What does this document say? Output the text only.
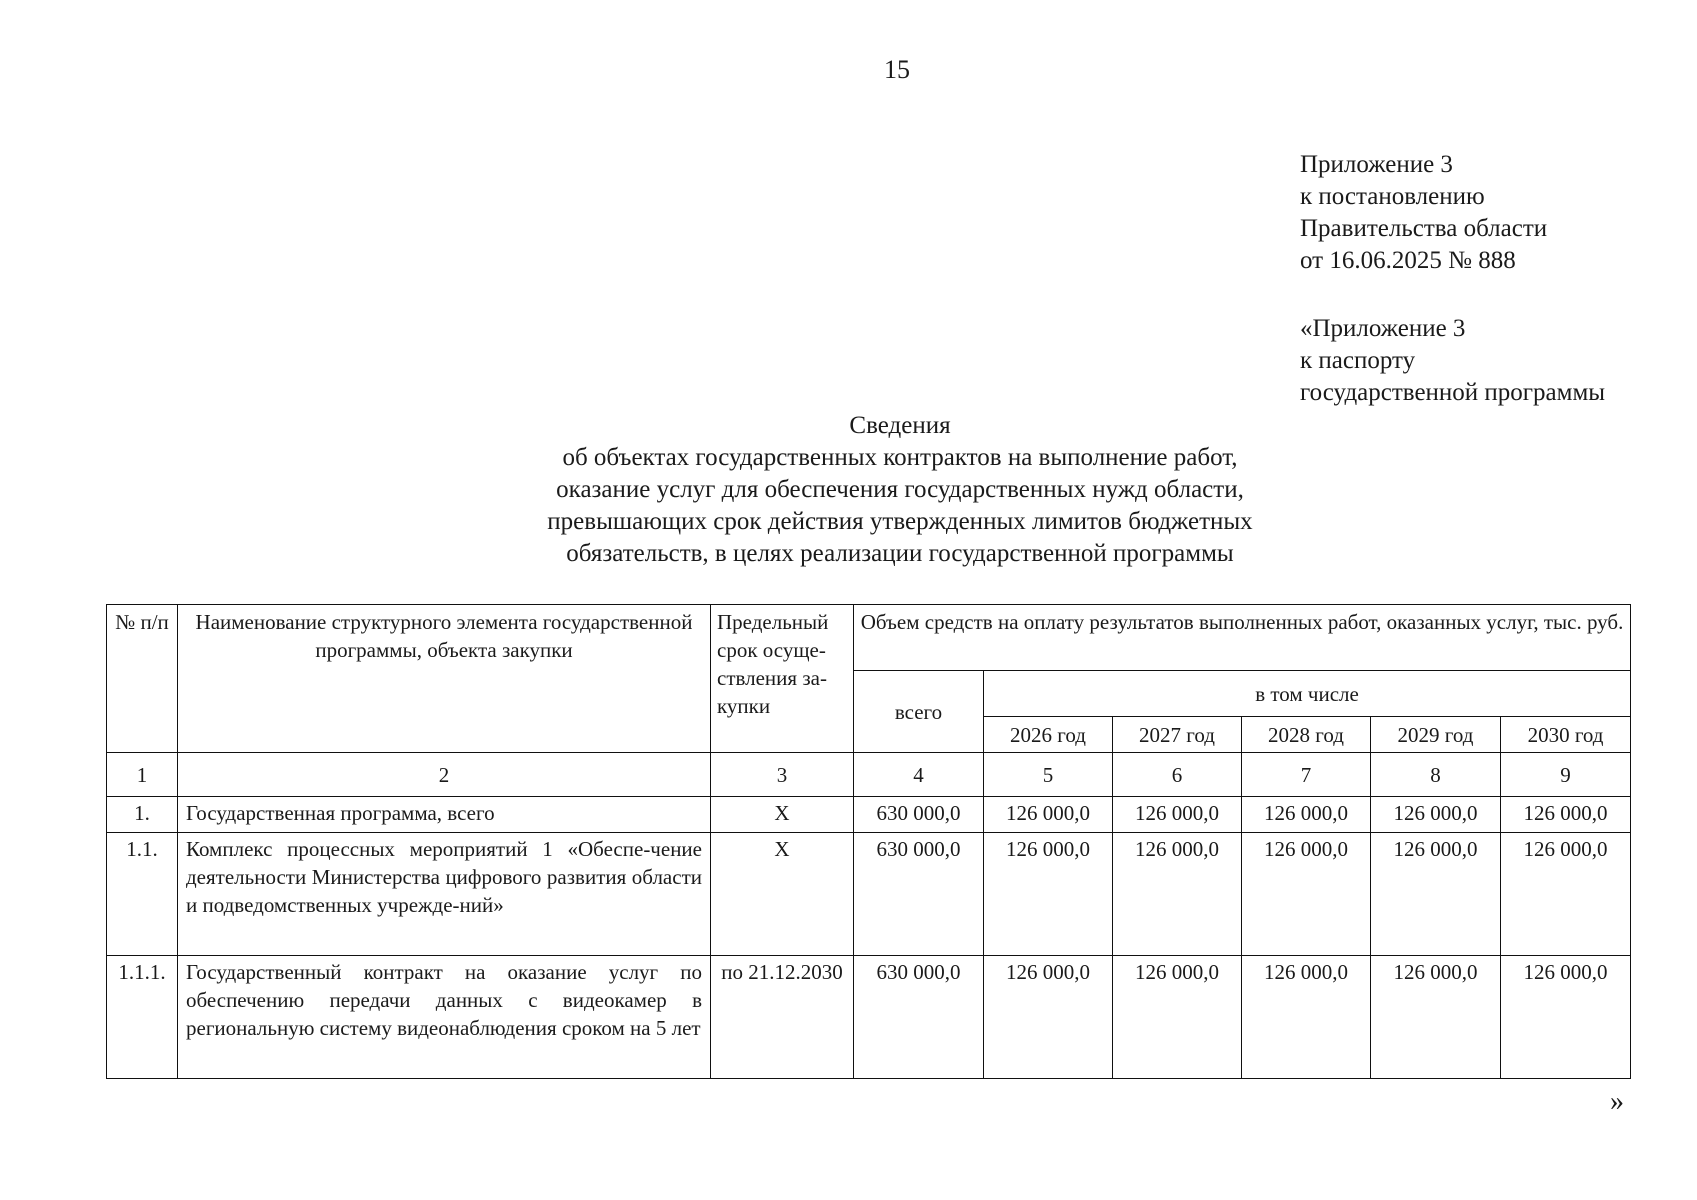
15
Приложение 3
к постановлению
Правительства области
от 16.06.2025 № 888
«Приложение 3
к паспорту
государственной программы
Сведения
об объектах государственных контрактов на выполнение работ,
оказание услуг для обеспечения государственных нужд области,
превышающих срок действия утвержденных лимитов бюджетных
обязательств, в целях реализации государственной программы
№ п/п	Наименование структурного элемента государственной программы, объекта закупки	Предельный срок осуще-ствления за-купки	Объем средств на оплату результатов выполненных работ, оказанных услуг, тыс. руб.					
			всего	в том числе				
				2026 год	2027 год	2028 год	2029 год	2030 год
1	2	3	4	5	6	7	8	9
1.	Государственная программа, всего	Х	630 000,0	126 000,0	126 000,0	126 000,0	126 000,0	126 000,0
1.1.	Комплекс процессных мероприятий 1 «Обеспе-чение деятельности Министерства цифрового развития области и подведомственных учрежде-ний»	Х	630 000,0	126 000,0	126 000,0	126 000,0	126 000,0	126 000,0
1.1.1.	Государственный контракт на оказание услуг по обеспечению передачи данных с видеокамер в региональную систему видеонаблюдения сроком на 5 лет	по 21.12.2030	630 000,0	126 000,0	126 000,0	126 000,0	126 000,0	126 000,0
»
